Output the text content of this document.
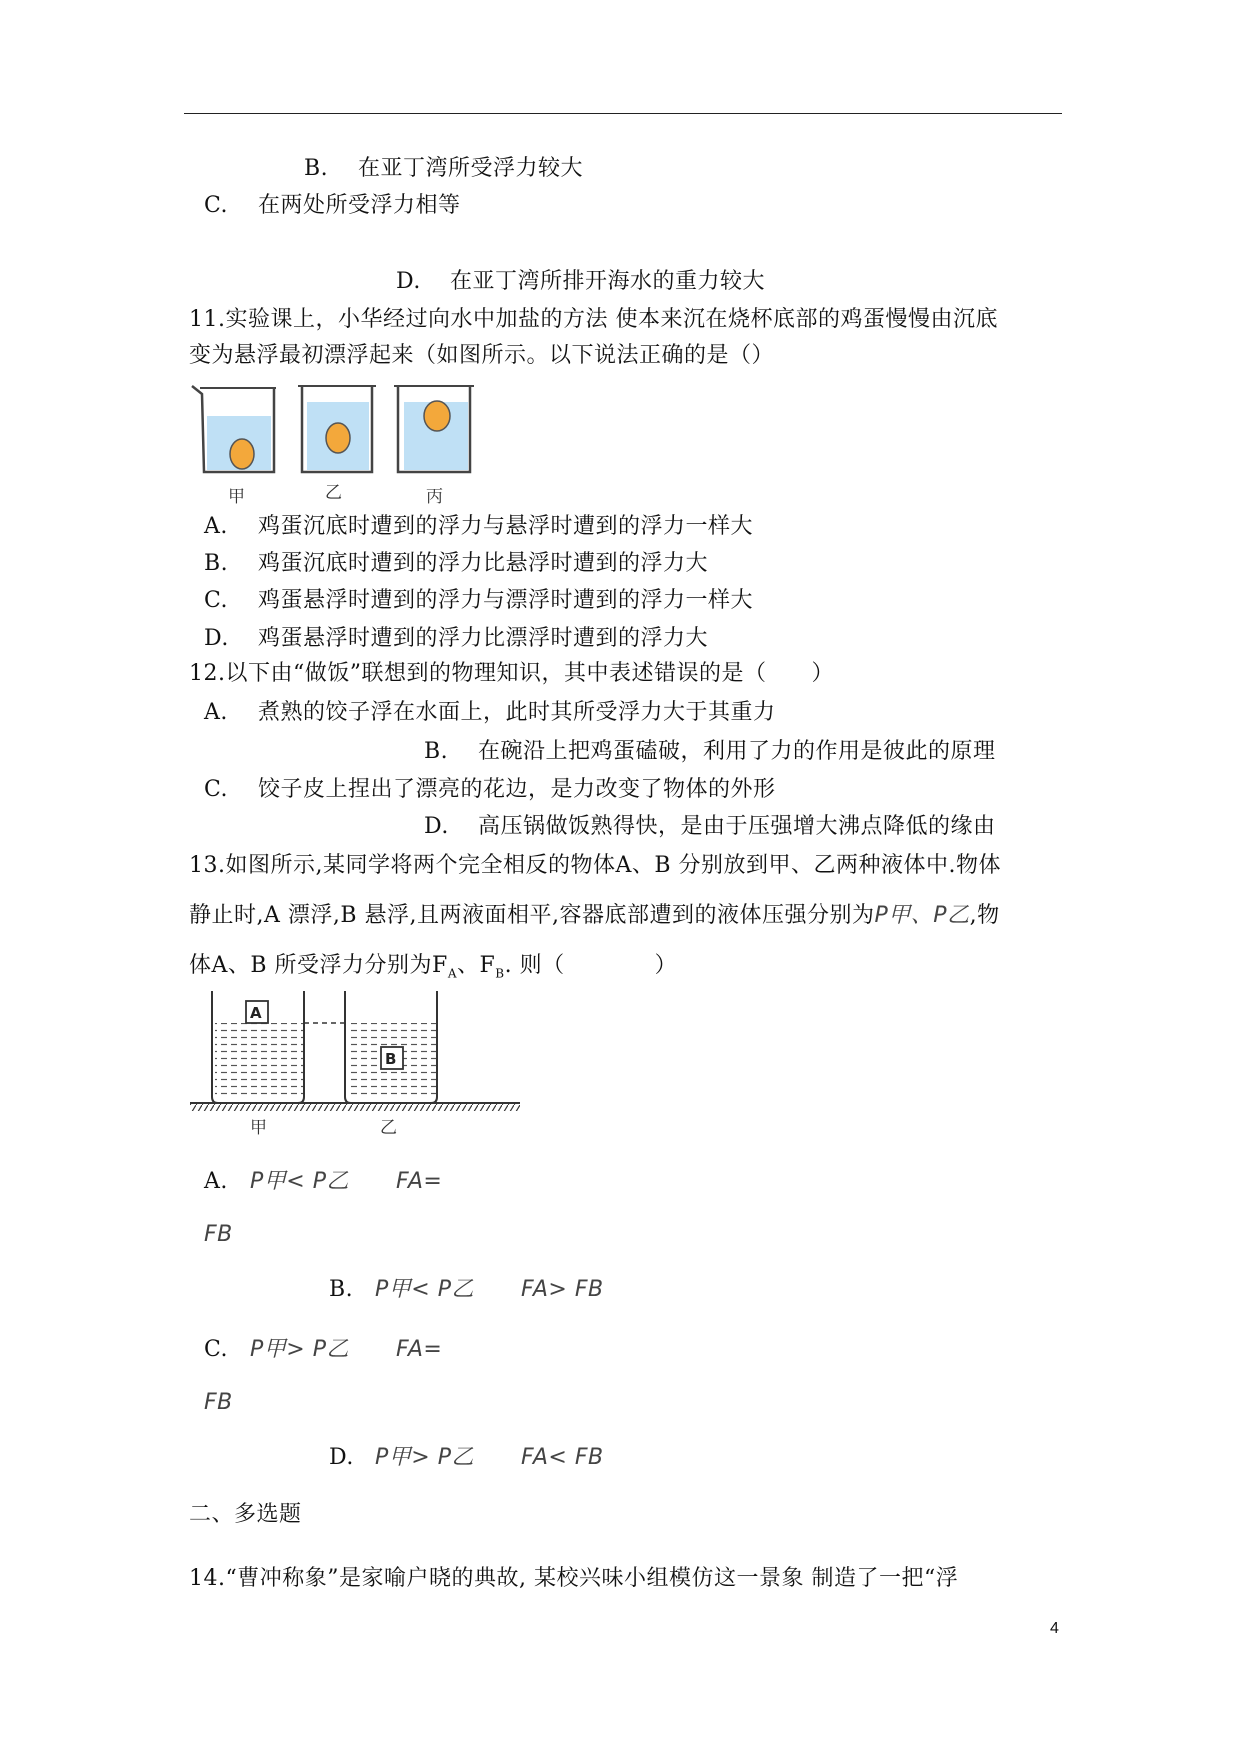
B. 在亚丁湾所受浮力较大
C. 在两处所受浮力相等
D. 在亚丁湾所排开海水的重力较大
11.实验课上，小华经过向水中加盐的方法 使本来沉在烧杯底部的鸡蛋慢慢由沉底
变为悬浮最初漂浮起来（如图所示。以下说法正确的是（）
甲	乙	丙
A. 鸡蛋沉底时遭到的浮力与悬浮时遭到的浮力一样大
B. 鸡蛋沉底时遭到的浮力比悬浮时遭到的浮力大
C. 鸡蛋悬浮时遭到的浮力与漂浮时遭到的浮力一样大
D. 鸡蛋悬浮时遭到的浮力比漂浮时遭到的浮力大
12.以下由“做饭”联想到的物理知识，其中表述错误的是（　　）
A. 煮熟的饺子浮在水面上，此时其所受浮力大于其重力
B. 在碗沿上把鸡蛋磕破，利用了力的作用是彼此的原理
C. 饺子皮上捏出了漂亮的花边，是力改变了物体的外形
D. 高压锅做饭熟得快，是由于压强增大沸点降低的缘由
13.如图所示,某同学将两个完全相反的物体A、B 分别放到甲、乙两种液体中.物体
静止时,A 漂浮,B 悬浮,且两液面相平,容器底部遭到的液体压强分别为P甲、P乙,物
体A、B 所受浮力分别为$F_A$、$F_B$. 则（　　　　）
A
B
甲	乙
A. P甲< P乙 FA=
FB
B. P甲< P乙 FA> FB
C. P甲> P乙 FA=
FB
D. P甲> P乙 FA< FB
二、多选题
14.“曹冲称象”是家喻户晓的典故, 某校兴味小组模仿这一景象 制造了一把“浮
4
